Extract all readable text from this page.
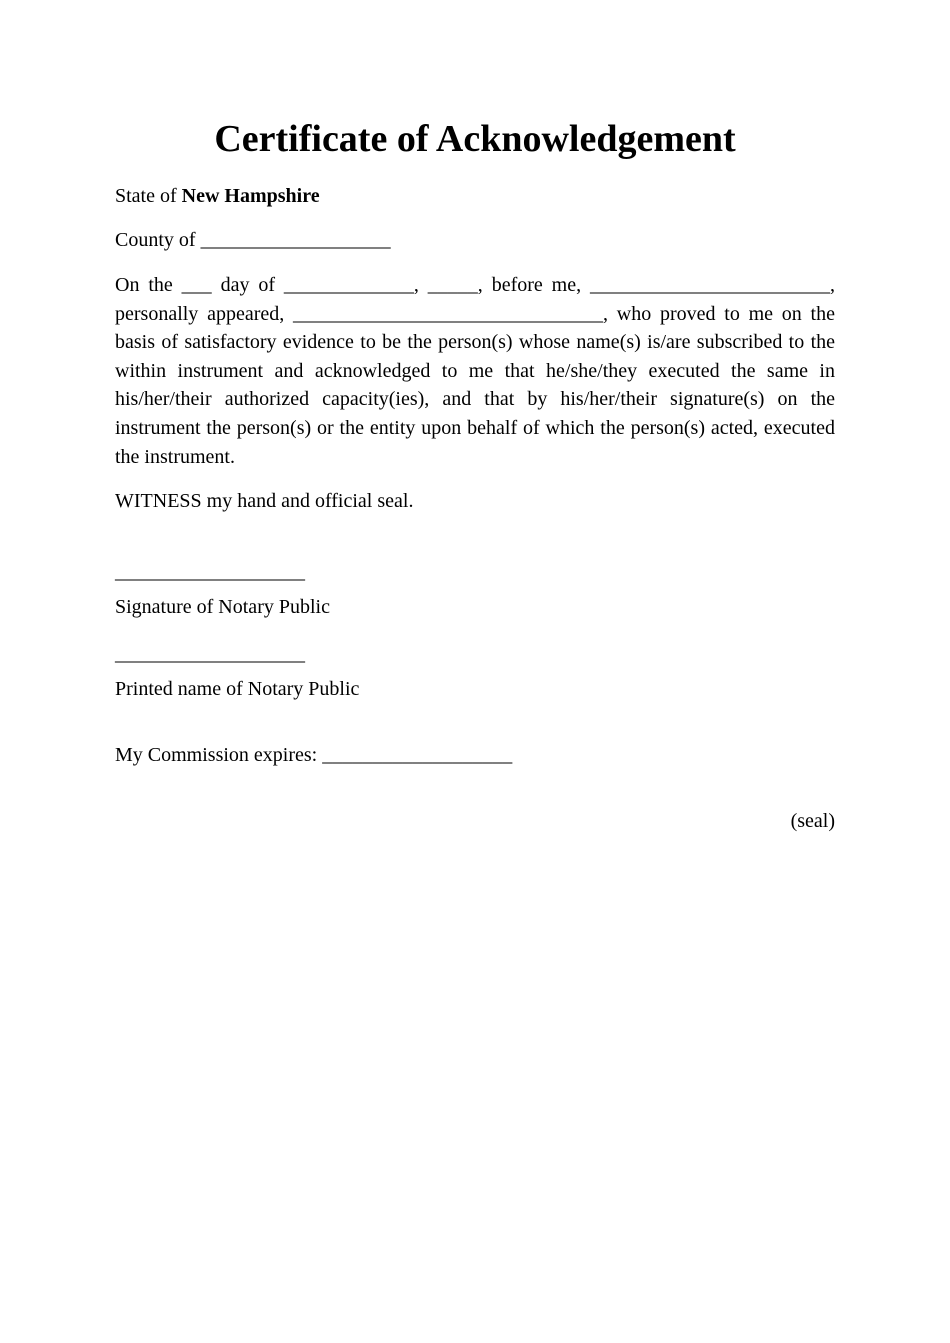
Certificate of Acknowledgement
State of New Hampshire
County of ___________________

On the ___ day of _____________, _____, before me, ________________________, personally appeared, _______________________________, who proved to me on the basis of satisfactory evidence to be the person(s) whose name(s) is/are subscribed to the within instrument and acknowledged to me that he/she/they executed the same in his/her/their authorized capacity(ies), and that by his/her/their signature(s) on the instrument the person(s) or the entity upon behalf of which the person(s) acted, executed the instrument.

WITNESS my hand and official seal.
___________________
Signature of Notary Public
___________________
Printed name of Notary Public
My Commission expires: ___________________
(seal)
